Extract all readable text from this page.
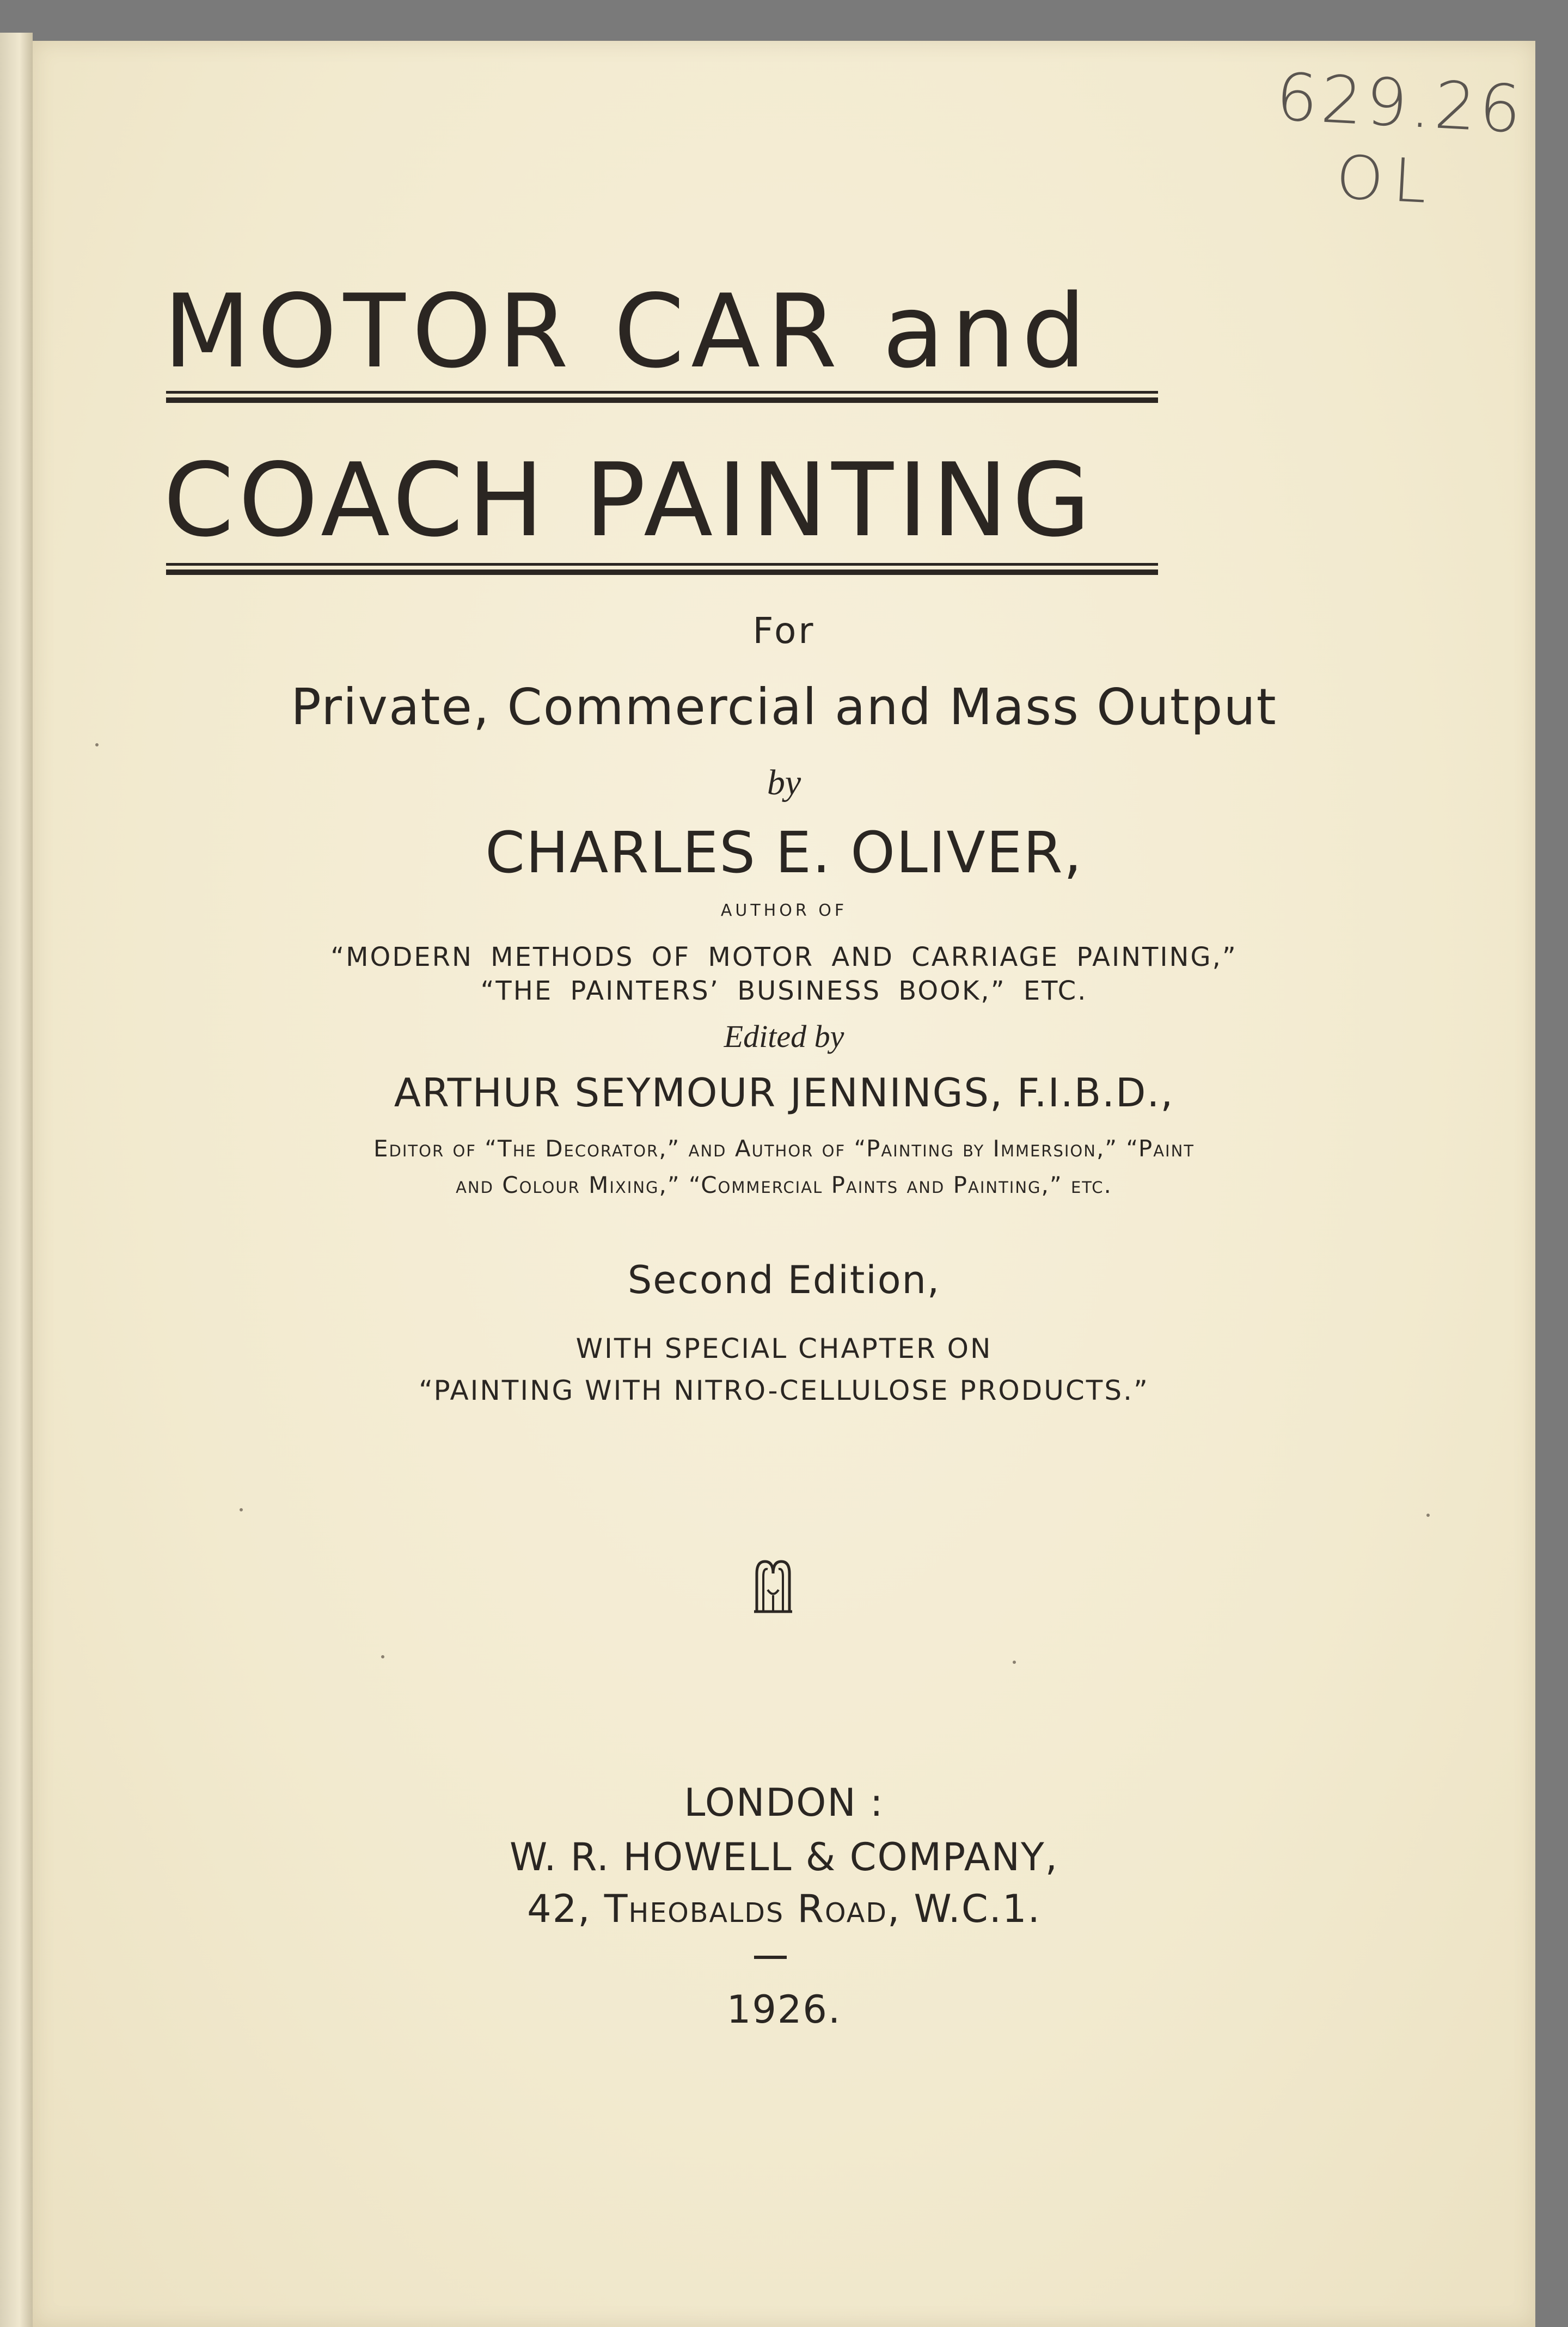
629.26
OL
MOTOR CAR and
COACH PAINTING
For
Private, Commercial and Mass Output
by
CHARLES E. OLIVER,
AUTHOR OF
“MODERN METHODS OF MOTOR AND CARRIAGE PAINTING,”
“THE PAINTERS’ BUSINESS BOOK,” ETC.
Edited by
ARTHUR SEYMOUR JENNINGS, F.I.B.D.,
Editor of “The Decorator,” and Author of “Painting by Immersion,” “Paint
and Colour Mixing,” “Commercial Paints and Painting,” etc.
Second Edition,
WITH SPECIAL CHAPTER ON
“PAINTING WITH NITRO-CELLULOSE PRODUCTS.”
LONDON :
W. R. HOWELL & COMPANY,
42, Theobalds Road, W.C.1.
1926.
